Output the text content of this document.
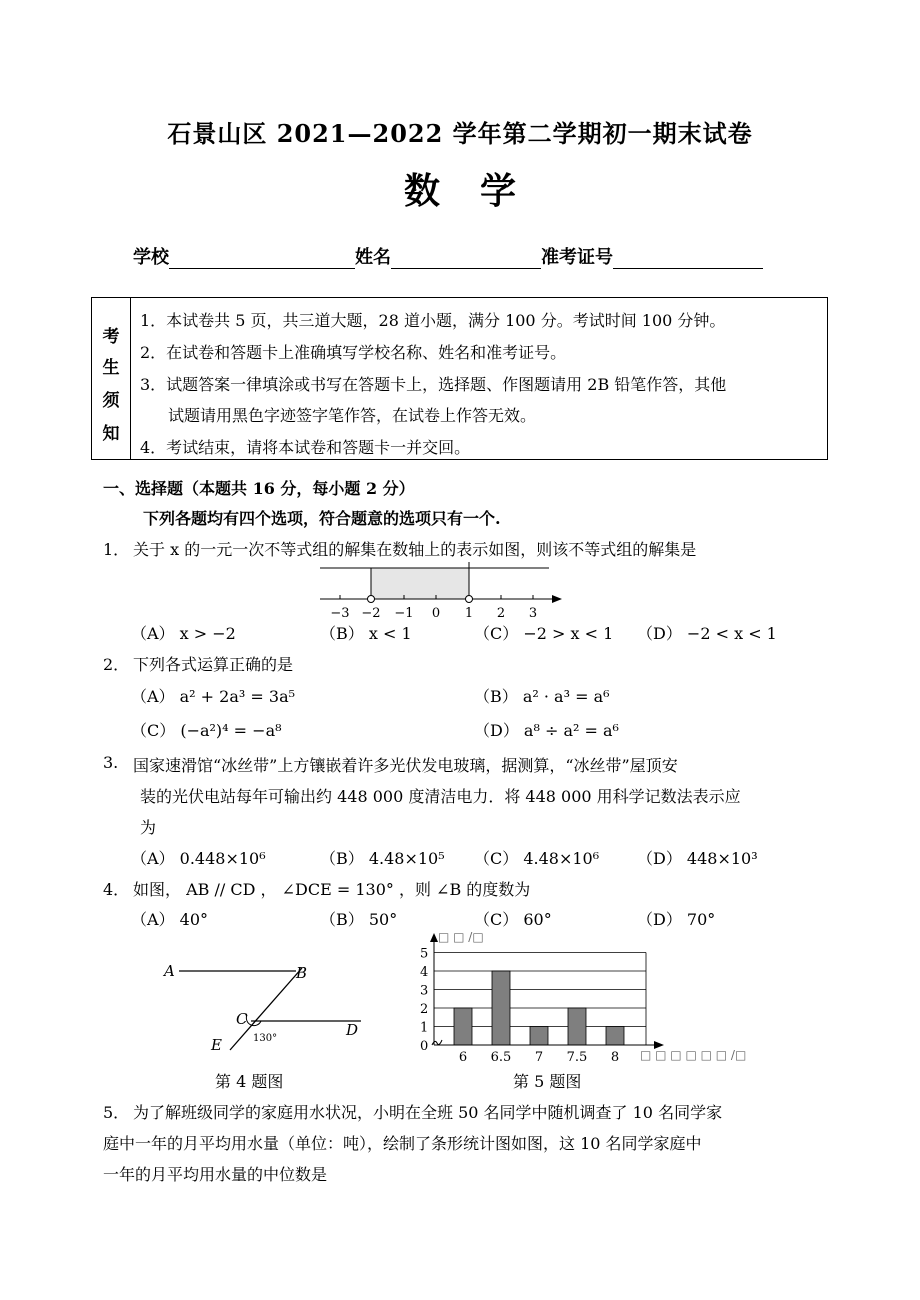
石景山区 2021—2022 学年第二学期初一期末试卷
数学
学校	姓名	准考证号
考
生
须
知
1．本试卷共 5 页，共三道大题，28 道小题，满分 100 分。考试时间 100 分钟。
2．在试卷和答题卡上准确填写学校名称、姓名和准考证号。
3．试题答案一律填涂或书写在答题卡上，选择题、作图题请用 2B 铅笔作答，其他
试题请用黑色字迹签字笔作答，在试卷上作答无效。
4．考试结束，请将本试卷和答题卡一并交回。
一、选择题（本题共 16 分，每小题 2 分）
下列各题均有四个选项，符合题意的选项只有一个.
1． 关于 x 的一元一次不等式组的解集在数轴上的表示如图，则该不等式组的解集是
−3 −2 −1 0 1 2 3
（A） x > −2	（B） x < 1	（C） −2 > x < 1 （D） −2 < x < 1
2． 下列各式运算正确的是
（A） a² + 2a³ = 3a⁵	（B） a² · a³ = a⁶
（C） (−a²)⁴ = −a⁸	（D） a⁸ ÷ a² = a⁶
3. 国家速滑馆“冰丝带”上方镶嵌着许多光伏发电玻璃，据测算，“冰丝带”屋顶安
装的光伏电站每年可输出约 448 000 度清洁电力．将 448 000 用科学记数法表示应
为
（A） 0.448×10⁶	（B） 4.48×10⁵ （C） 4.48×10⁶ （D） 448×10³
4． 如图， AB // CD ， ∠DCE = 130° ，则 ∠B 的度数为
（A） 40°	（B） 50°	（C） 60°	（D） 70°
A	B
C
D
E	130°
第 4 题图
0
1
2
3
4
5
6 6.5 7 7.5 8
□ □ /□
□ □ □ □ □ □ /□
第 5 题图
5． 为了解班级同学的家庭用水状况，小明在全班 50 名同学中随机调查了 10 名同学家
庭中一年的月平均用水量（单位：吨），绘制了条形统计图如图，这 10 名同学家庭中
一年的月平均用水量的中位数是
